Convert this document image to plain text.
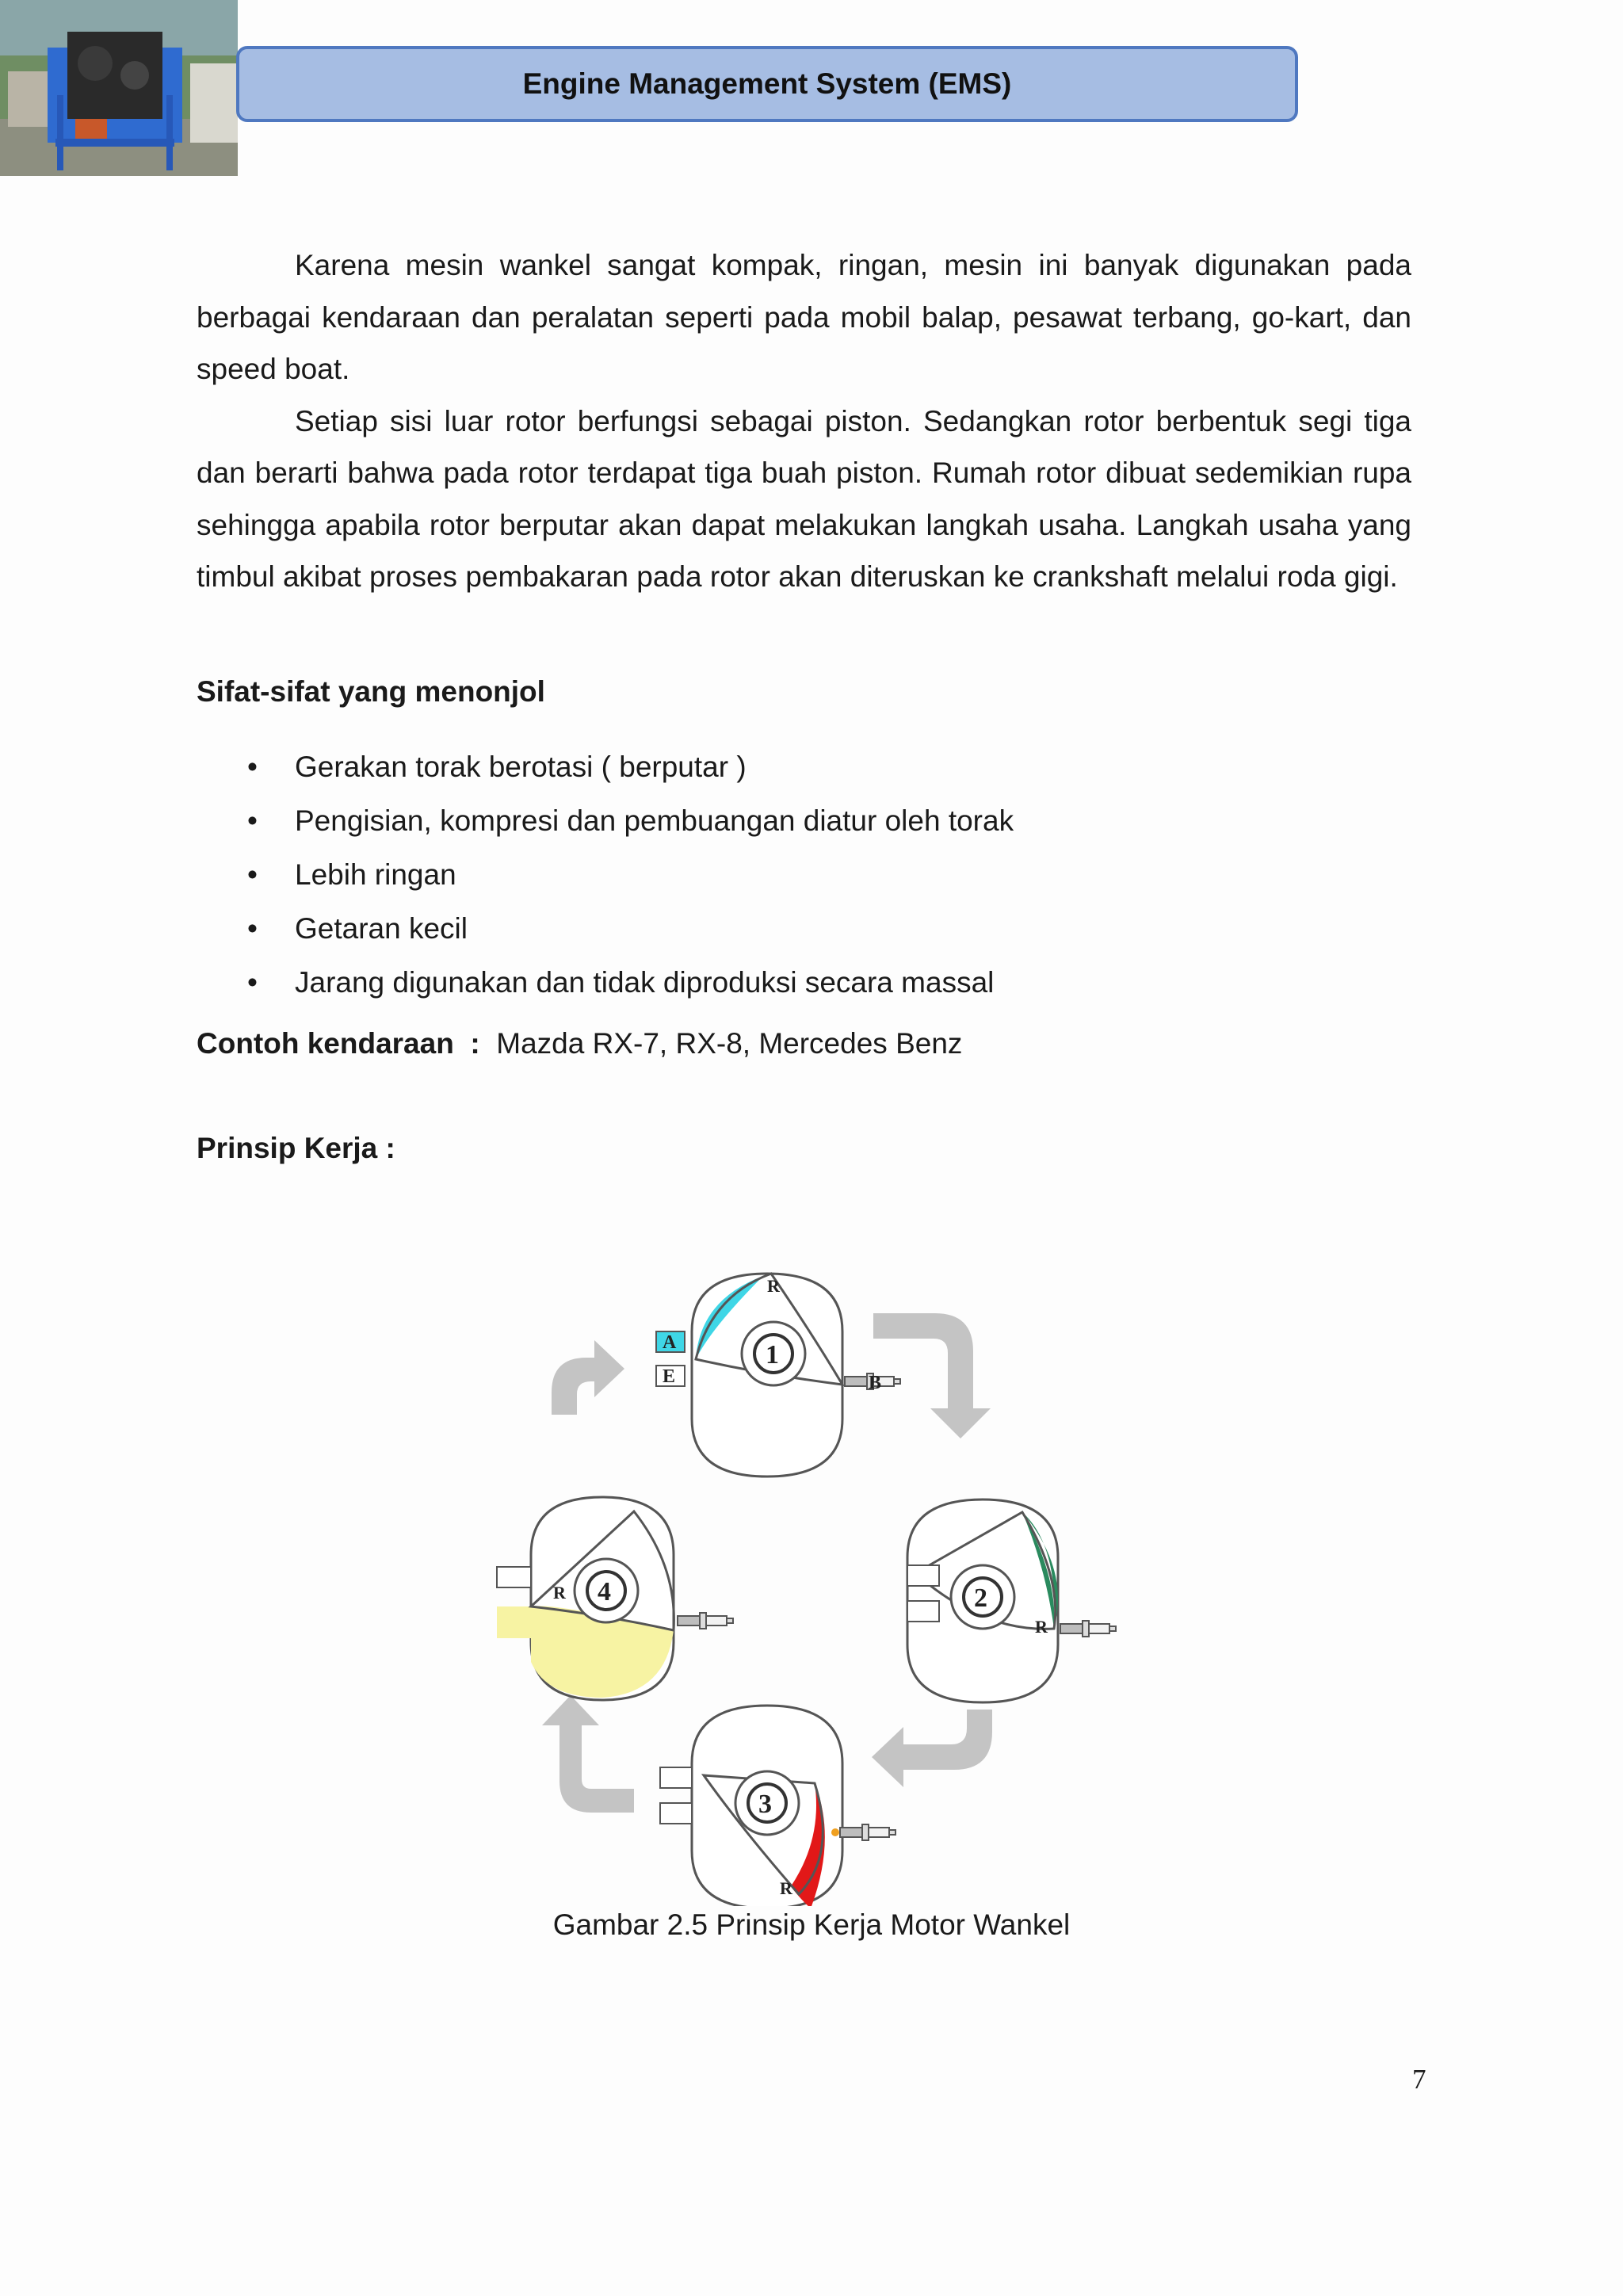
Engine Management System (EMS)

Karena mesin wankel sangat kompak, ringan, mesin ini banyak digunakan pada berbagai kendaraan dan peralatan seperti pada mobil balap, pesawat terbang, go-kart, dan speed boat.

Setiap sisi luar rotor berfungsi sebagai piston. Sedangkan rotor berbentuk segi tiga dan berarti bahwa pada rotor terdapat tiga buah piston. Rumah rotor dibuat sedemikian rupa sehingga apabila rotor berputar akan dapat melakukan langkah usaha. Langkah usaha yang timbul akibat proses pembakaran pada rotor akan diteruskan ke crankshaft melalui roda gigi.

Sifat-sifat yang menonjol
• Gerakan torak berotasi ( berputar )
• Pengisian, kompresi dan pembuangan diatur oleh torak
• Lebih ringan
• Getaran kecil
• Jarang digunakan dan tidak diproduksi secara massal
Contoh kendaraan : Mazda RX-7, RX-8, Mercedes Benz
Prinsip Kerja :
1
R
A
E	B
2
R
3
R
4
R
Gambar 2.5 Prinsip Kerja Motor Wankel
7
